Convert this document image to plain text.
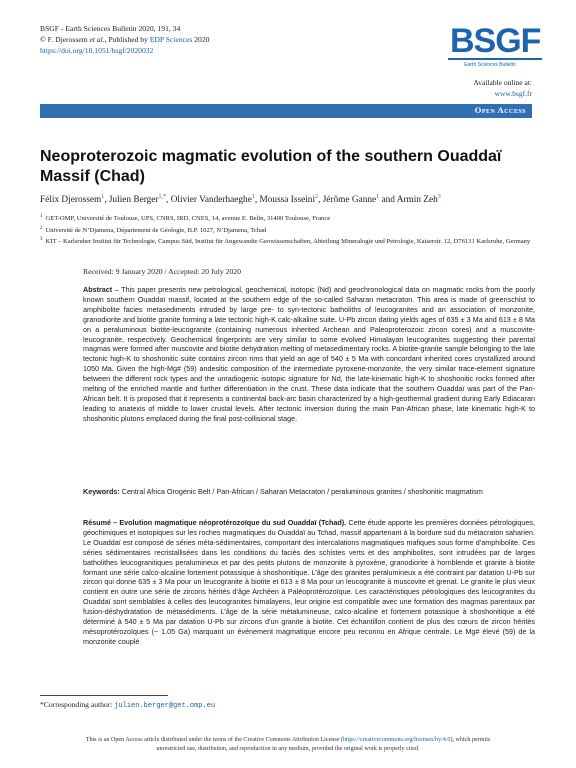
BSGF - Earth Sciences Bulletin 2020, 191, 34
© F. Djerossem et al., Published by EDP Sciences 2020
https://doi.org/10.1051/bsgf/2020032	BSGF
Earth Sciences Bulletin
Available online at:
www.bsgf.fr
Open Access
Neoproterozoic magmatic evolution of the southern Ouaddaï Massif (Chad)
Félix Djerossem$^1$, Julien Berger$^{1,*}$, Olivier Vanderhaeghe$^1$, Moussa Isseini$^2$, Jérôme Ganne$^1$ and Armin Zeh$^3$

$^1$ GET-OMP, Université de Toulouse, UPS, CNRS, IRD, CNES, 14, avenue E. Belin, 31400 Toulouse, France

$^2$ Université de N’Djamena, Département de Géologie, B.P. 1027, N’Djamena, Tchad

$^3$ KIT – Karlsruher Institut für Technologie, Campus Süd, Institut für Angewandte Geowissenschaften, Abteilung Mineralogie und Petrologie, Kaiserstr. 12, D76131 Karlsruhe, Germany

Received: 9 January 2020 / Accepted: 20 July 2020
Abstract – This paper presents new petrological, geochemical, isotopic (Nd) and geochronological data on magmatic rocks from the poorly known southern Ouaddaï massif, located at the southern edge of the so-called Saharan metacraton. This area is made of greenschist to amphibolite facies metasediments intruded by large pre- to syn-tectonic batholiths of leucogranites and an association of monzonite, granodiorite and biotite granite forming a late tectonic high-K calc-alkaline suite. U-Pb zircon dating yields ages of 635 ± 3 Ma and 613 ± 8 Ma on a peraluminous biotite-leucogranite (containing numerous inherited Archean and Paleoproterozoic zircon cores) and a muscovite-leucogranite, respectively. Geochemical fingerprints are very similar to some evolved Himalayan leucogranites suggesting their parental magmas were formed after muscovite and biotite dehydration melting of metasedimentary rocks. A biotite-granite sample belonging to the late tectonic high-K to shoshonitic suite contains zircon rims that yield an age of 540 ± 5 Ma with concordant inherited cores crystallized around 1050 Ma. Given the high-Mg# (59) andesitic composition of the intermediate pyroxene-monzonite, the very similar trace-element signature between the different rock types and the unradiogenic isotopic signature for Nd, the late-kinematic high-K to shoshonitic rocks formed after melting of the enriched mantle and further differentiation in the crust. These data indicate that the southern Ouaddaï was part of the Pan-African belt. It is proposed that it represents a continental back-arc basin characterized by a high-geothermal gradient during Early Ediacaran leading to anatexis of middle to lower crustal levels. After tectonic inversion during the main Pan-African phase, late kinematic high-K to shoshonitic plutons emplaced during the final post-collisional stage.
Keywords: Central Africa Orogenic Belt / Pan-African / Saharan Metacraton / peraluminous granites / shoshonitic magmatism
Résumé – Evolution magmatique néoprotérozoïque du sud Ouaddaï (Tchad). Cette étude apporte les premières données pétrologiques, géochimiques et isotopiques sur les roches magmatiques du Ouaddaï au Tchad, massif appartenant à la bordure sud du métacraton saharien. Le Ouaddaï est composé de séries méta-sédimentaires, comportant des intercalations magmatiques mafiques sous forme d’amphibolite. Ces séries sédimentaires recristallisées dans les conditions du faciès des schistes verts et des amphibolites, sont intrudées par de larges batholithes leucogranitiques peralumineux et par des petits plutons de monzonite à pyroxène, granodiorite à hornblende et granite à biotite formant une série calco-alcaline fortement potassique à shoshonitique. L’âge des granites peralumineux a été contraint par datation U-Pb sur zircon qui donne 635 ± 3 Ma pour un leucogranite à biotite et 613 ± 8 Ma pour un leucogranite à muscovite et grenat. Le granite le plus vieux contient en outre une série de zircons hérités d’âge Archéen à Paléoprotérozoïque. Les caractéristiques pétrologiques des leucogranites du Ouaddaï sont semblables à celles des leucogranites himalayens, leur origine est compatible avec une formation des magmas parentaux par fusion-déshydratation de métasédiments. L’âge de la série métalumineuse, calco-alcaline et fortement potassique à shoshonitique a été déterminé à 540 ± 5 Ma par datation U-Pb sur zircons d’un granite à biotite. Cet échantillon contient de plus des cœurs de zircon hérités mésoprotérozoïques (~ 1.05 Ga) marquant un événement magmatique encore peu reconnu en Afrique centrale. Le Mg# élevé (59) de la monzonite couplé
*Corresponding author: julien.berger@get.omp.eu
This is an Open Access article distributed under the terms of the Creative Commons Attribution License (https://creativecommons.org/licenses/by/4.0), which permits
unrestricted use, distribution, and reproduction in any medium, provided the original work is properly cited.
